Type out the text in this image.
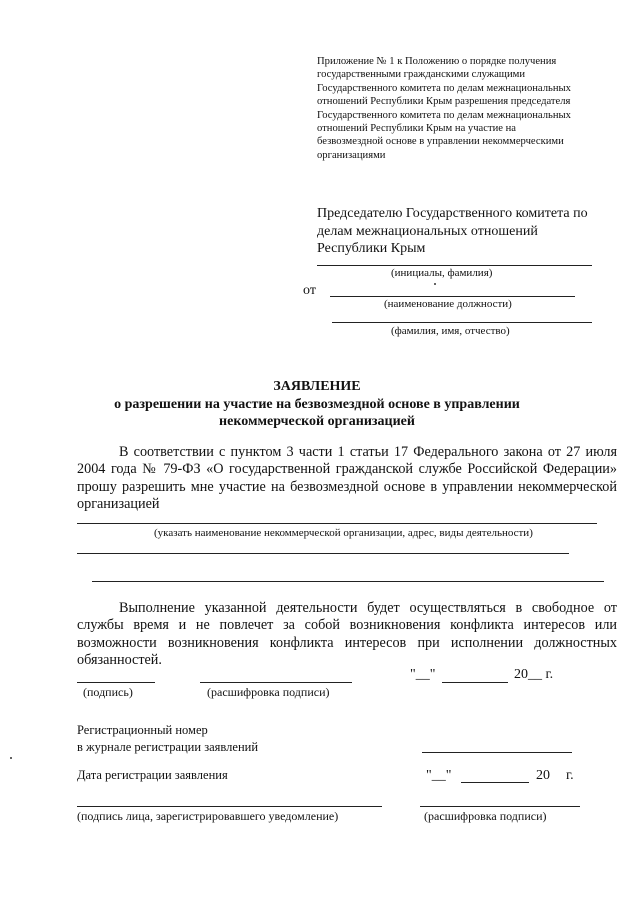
Приложение № 1 к Положению о порядке получения
государственными гражданскими служащими
Государственного комитета по делам межнациональных
отношений Республики Крым разрешения председателя
Государственного комитета по делам межнациональных
отношений Республики Крым на участие на
безвозмездной основе в управлении некоммерческими
организациями
Председателю Государственного комитета по
делам межнациональных отношений
Республики Крым
(инициалы, фамилия)
от
(наименование должности)
(фамилия, имя, отчество)
ЗАЯВЛЕНИЕ
о разрешении на участие на безвозмездной основе в управлении
некоммерческой организацией
В соответствии с пунктом 3 части 1 статьи 17 Федерального закона от 27 июля 2004 года № 79-ФЗ «О государственной гражданской службе Российской Федерации» прошу разрешить мне участие на безвозмездной основе в управлении некоммерческой организацией
(указать наименование некоммерческой организации, адрес, виды деятельности)
Выполнение указанной деятельности будет осуществляться в свободное от службы время и не повлечет за собой возникновения конфликта интересов или возможности возникновения конфликта интересов при исполнении должностных обязанностей.
(подпись)	(расшифровка подписи)
"__"	20__ г.
Регистрационный номер
в журнале регистрации заявлений
Дата регистрации заявления	"__"	20 г.
(подпись лица, зарегистрировавшего уведомление)	(расшифровка подписи)
